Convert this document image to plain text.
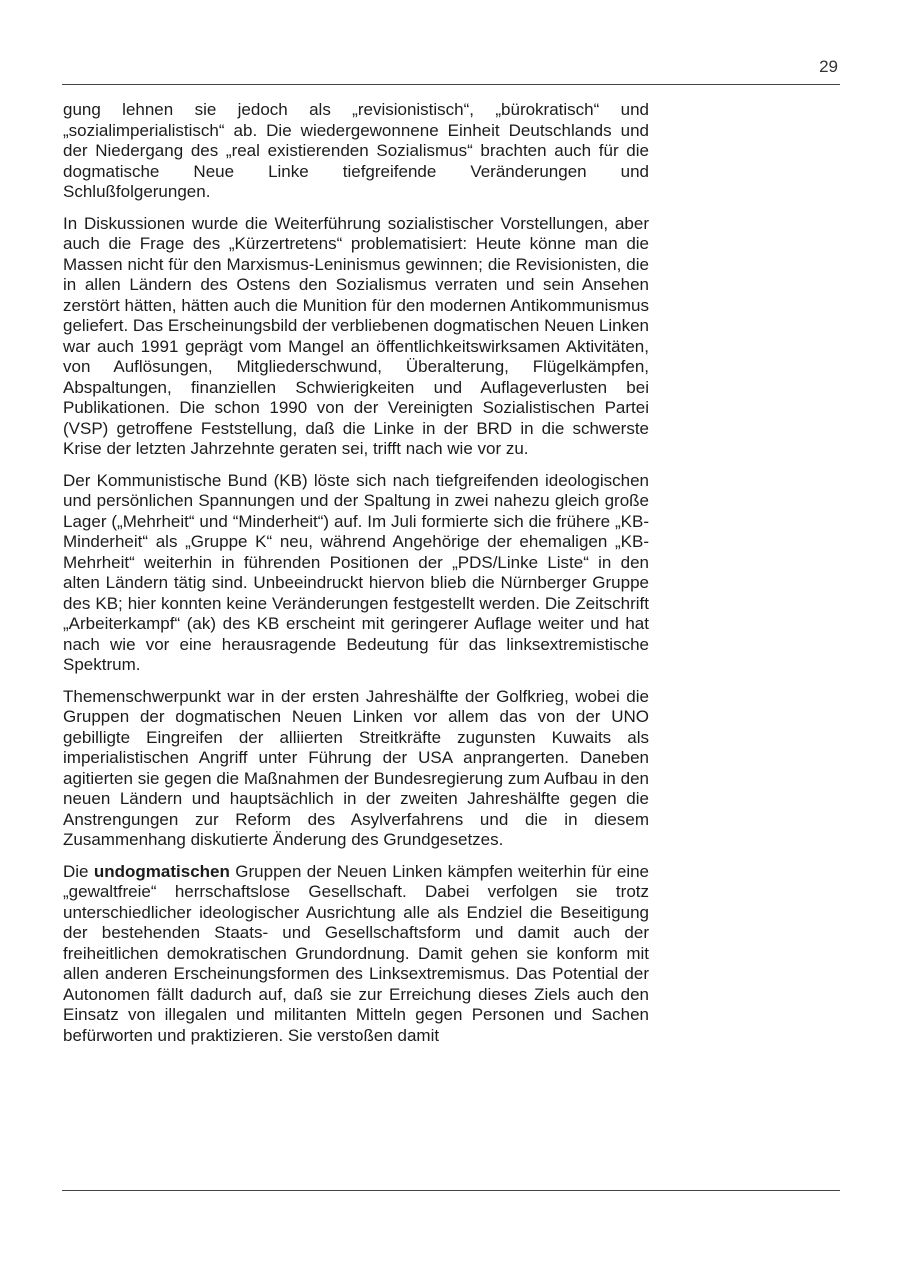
29

gung lehnen sie jedoch als „revisionistisch“, „bürokratisch“ und „sozialimperialistisch“ ab. Die wiedergewonnene Einheit Deutschlands und der Niedergang des „real existierenden Sozialismus“ brachten auch für die dogmatische Neue Linke tiefgreifende Veränderungen und Schlußfolgerungen.

In Diskussionen wurde die Weiterführung sozialistischer Vorstellungen, aber auch die Frage des „Kürzertretens“ problematisiert: Heute könne man die Massen nicht für den Marxismus-Leninismus gewinnen; die Revisionisten, die in allen Ländern des Ostens den Sozialismus verraten und sein Ansehen zerstört hätten, hätten auch die Munition für den modernen Antikommunismus geliefert. Das Erscheinungsbild der verbliebenen dogmatischen Neuen Linken war auch 1991 geprägt vom Mangel an öffentlichkeitswirksamen Aktivitäten, von Auflösungen, Mitgliederschwund, Überalterung, Flügelkämpfen, Abspaltungen, finanziellen Schwierigkeiten und Auflageverlusten bei Publikationen. Die schon 1990 von der Vereinigten Sozialistischen Partei (VSP) getroffene Feststellung, daß die Linke in der BRD in die schwerste Krise der letzten Jahrzehnte geraten sei, trifft nach wie vor zu.

Der Kommunistische Bund (KB) löste sich nach tiefgreifenden ideologischen und persönlichen Spannungen und der Spaltung in zwei nahezu gleich große Lager („Mehrheit“ und “Minderheit“) auf. Im Juli formierte sich die frühere „KB-Minderheit“ als „Gruppe K“ neu, während Angehörige der ehemaligen „KB-Mehrheit“ weiterhin in führenden Positionen der „PDS/Linke Liste“ in den alten Ländern tätig sind. Unbeeindruckt hiervon blieb die Nürnberger Gruppe des KB; hier konnten keine Veränderungen festgestellt werden. Die Zeitschrift „Arbeiterkampf“ (ak) des KB erscheint mit geringerer Auflage weiter und hat nach wie vor eine herausragende Bedeutung für das linksextremistische Spektrum.

Themenschwerpunkt war in der ersten Jahreshälfte der Golfkrieg, wobei die Gruppen der dogmatischen Neuen Linken vor allem das von der UNO gebilligte Eingreifen der alliierten Streitkräfte zugunsten Kuwaits als imperialistischen Angriff unter Führung der USA anprangerten. Daneben agitierten sie gegen die Maßnahmen der Bundesregierung zum Aufbau in den neuen Ländern und hauptsächlich in der zweiten Jahreshälfte gegen die Anstrengungen zur Reform des Asylverfahrens und die in diesem Zusammenhang diskutierte Änderung des Grundgesetzes.

Die undogmatischen Gruppen der Neuen Linken kämpfen weiterhin für eine „gewaltfreie“ herrschaftslose Gesellschaft. Dabei verfolgen sie trotz unterschiedlicher ideologischer Ausrichtung alle als Endziel die Beseitigung der bestehenden Staats- und Gesellschaftsform und damit auch der freiheitlichen demokratischen Grundordnung. Damit gehen sie konform mit allen anderen Erscheinungsformen des Linksextremismus. Das Potential der Autonomen fällt dadurch auf, daß sie zur Erreichung dieses Ziels auch den Einsatz von illegalen und militanten Mitteln gegen Personen und Sachen befürworten und praktizieren. Sie verstoßen damit
